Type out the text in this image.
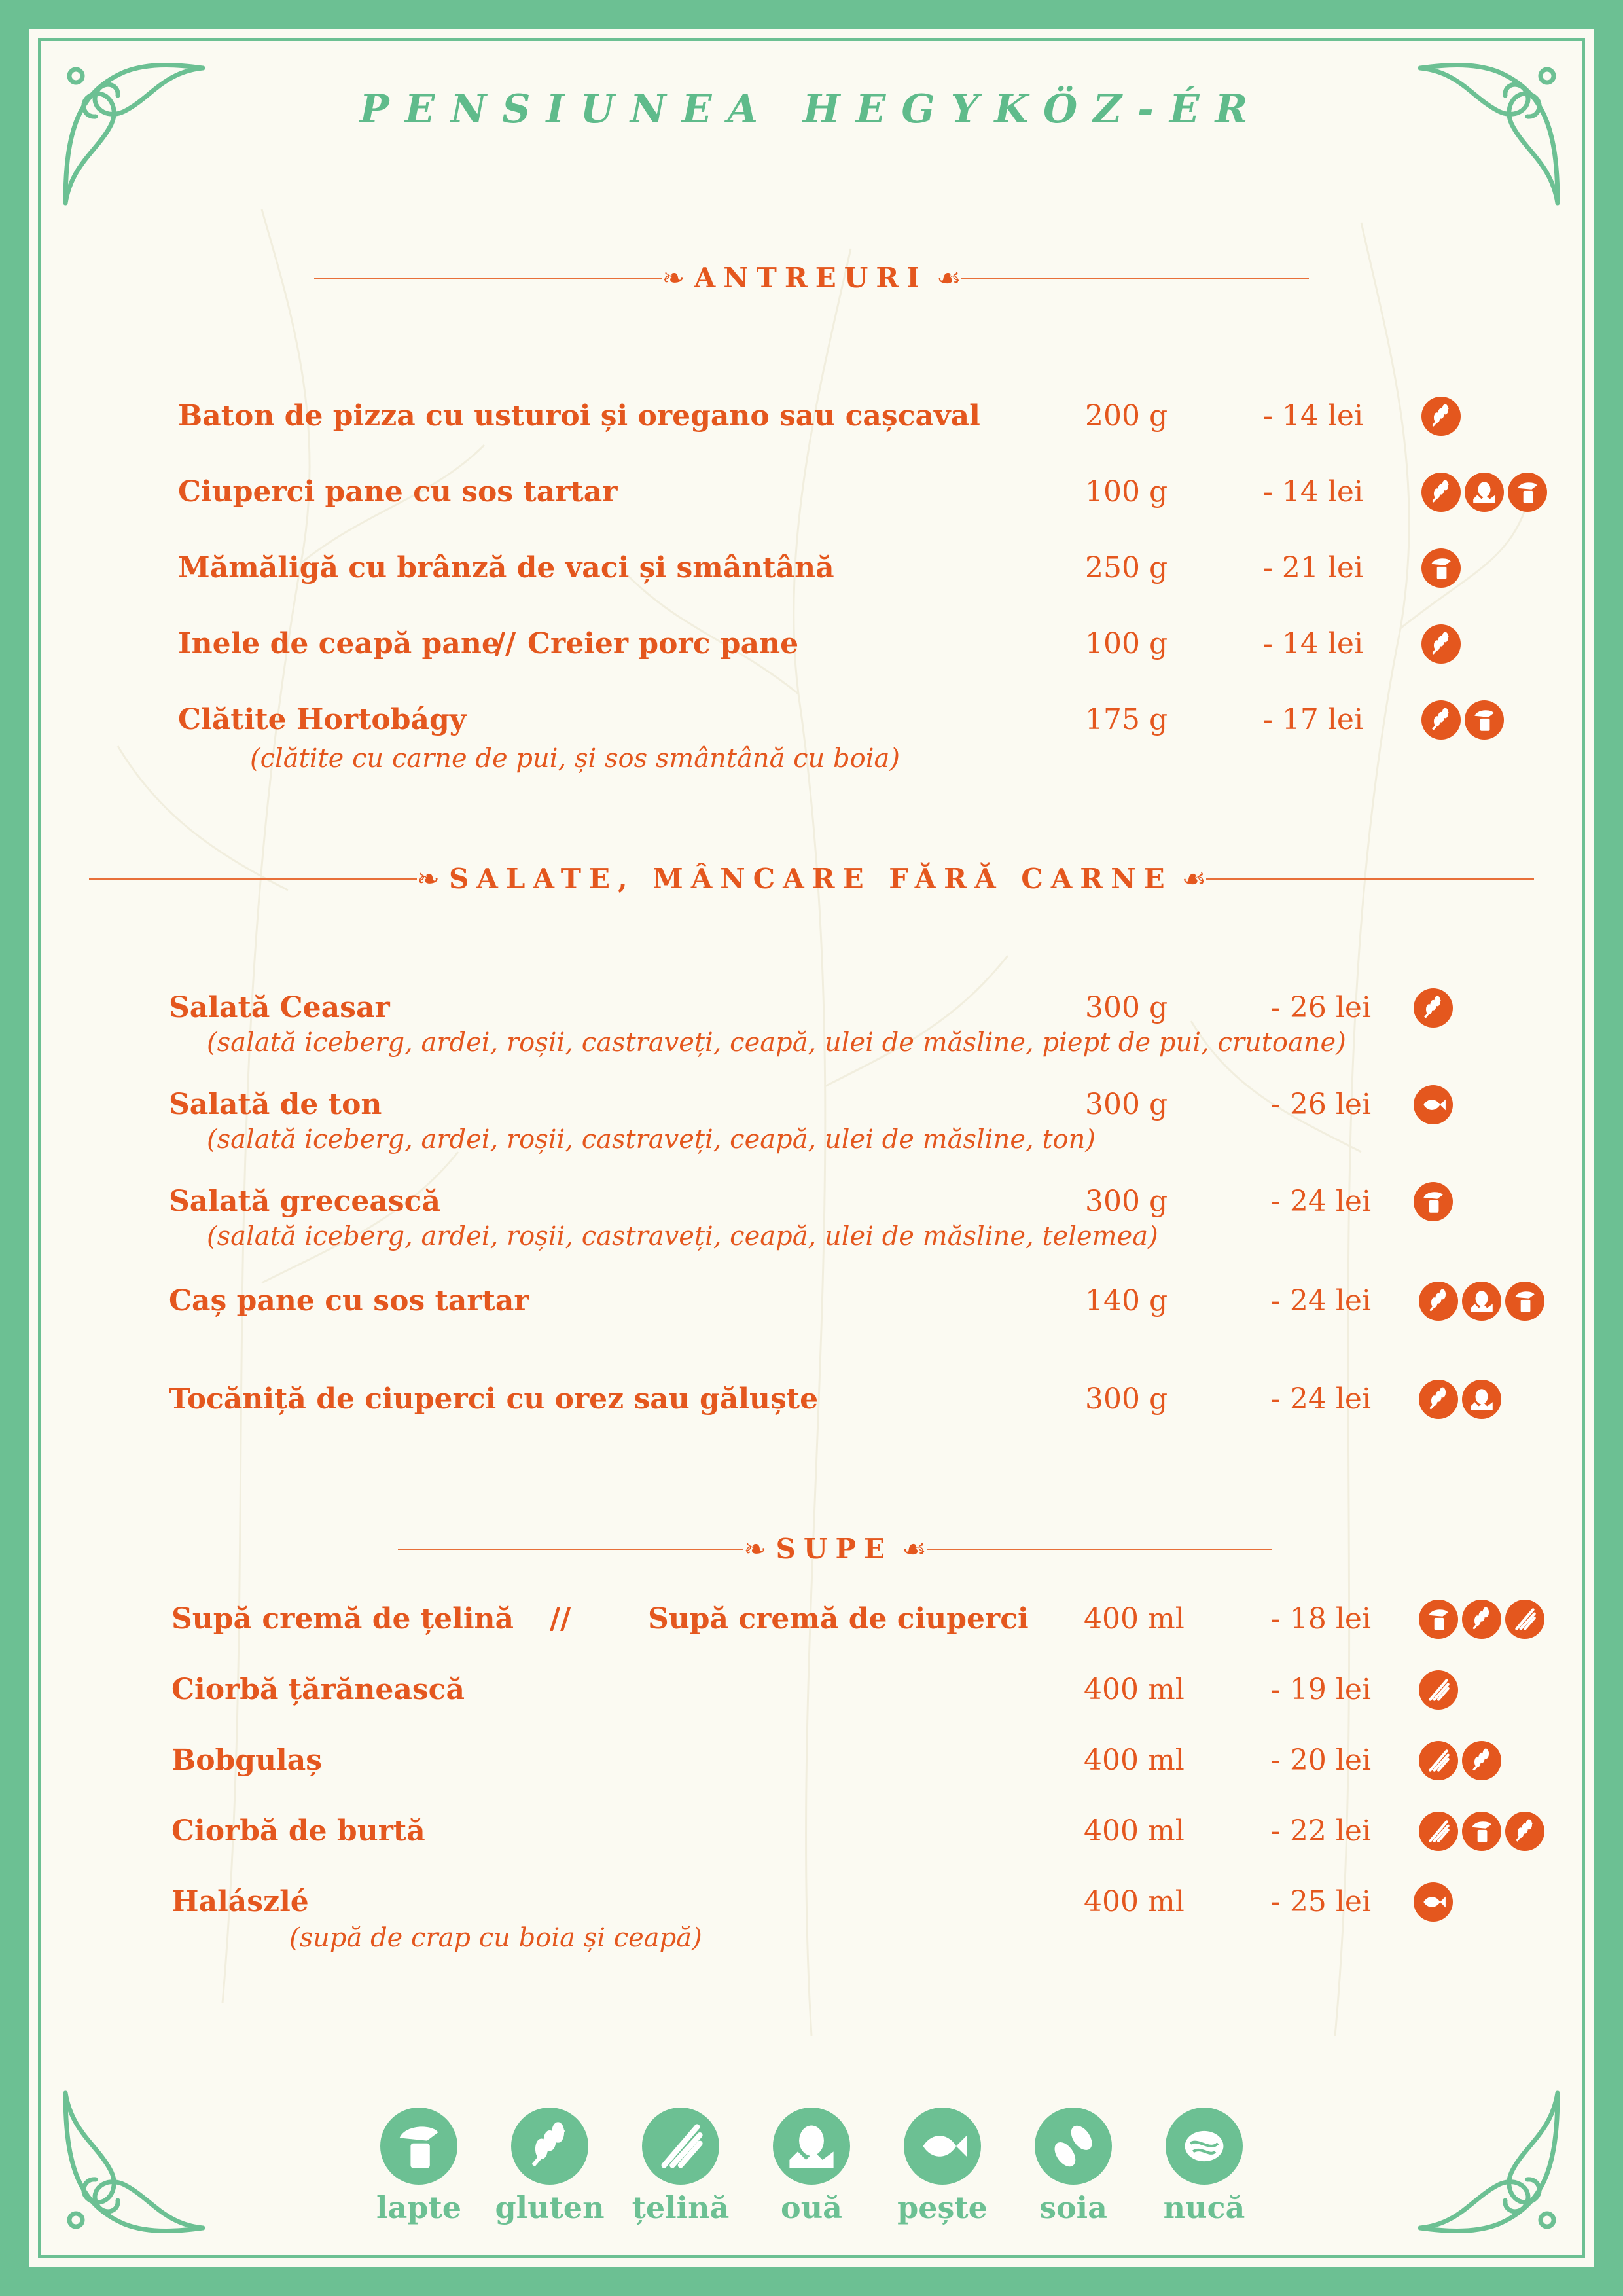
PENSIUNEA HEGYKÖZ-ÉR
❧ ANTREURI ☙
Baton de pizza cu usturoi și oregano sau cașcaval	200 g	- 14 lei
Ciuperci pane cu sos tartar	100 g	- 14 lei
Mămăligă cu brânză de vaci și smântână	250 g	- 21 lei
Inele de ceapă pane
// Creier porc pane	100 g	- 14 lei
Clătite Hortobágy
(clătite cu carne de pui, și sos smântână cu boia)
175 g	- 17 lei
❧ SALATE, MÂNCARE FĂRĂ CARNE ☙
Salată Ceasar
(salată iceberg, ardei, roșii, castraveți, ceapă, ulei de măsline, piept de pui, crutoane)
300 g	- 26 lei
Salată de ton
(salată iceberg, ardei, roșii, castraveți, ceapă, ulei de măsline, ton)
300 g	- 26 lei
Salată grecească
(salată iceberg, ardei, roșii, castraveți, ceapă, ulei de măsline, telemea)
300 g	- 24 lei
Caș pane cu sos tartar	140 g	- 24 lei
Tocăniță de ciuperci cu orez sau găluște	300 g	- 24 lei
❧ SUPE ☙
Supă cremă de țelină //	Supă cremă de ciuperci 400 ml	- 18 lei
Ciorbă țărănească	400 ml	- 19 lei
Bobgulaș	400 ml	- 20 lei
Ciorbă de burtă	400 ml	- 22 lei
Halászlé
(supă de crap cu boia și ceapă)
400 ml	- 25 lei
lapte gluten țelină ouă pește soia nucă
